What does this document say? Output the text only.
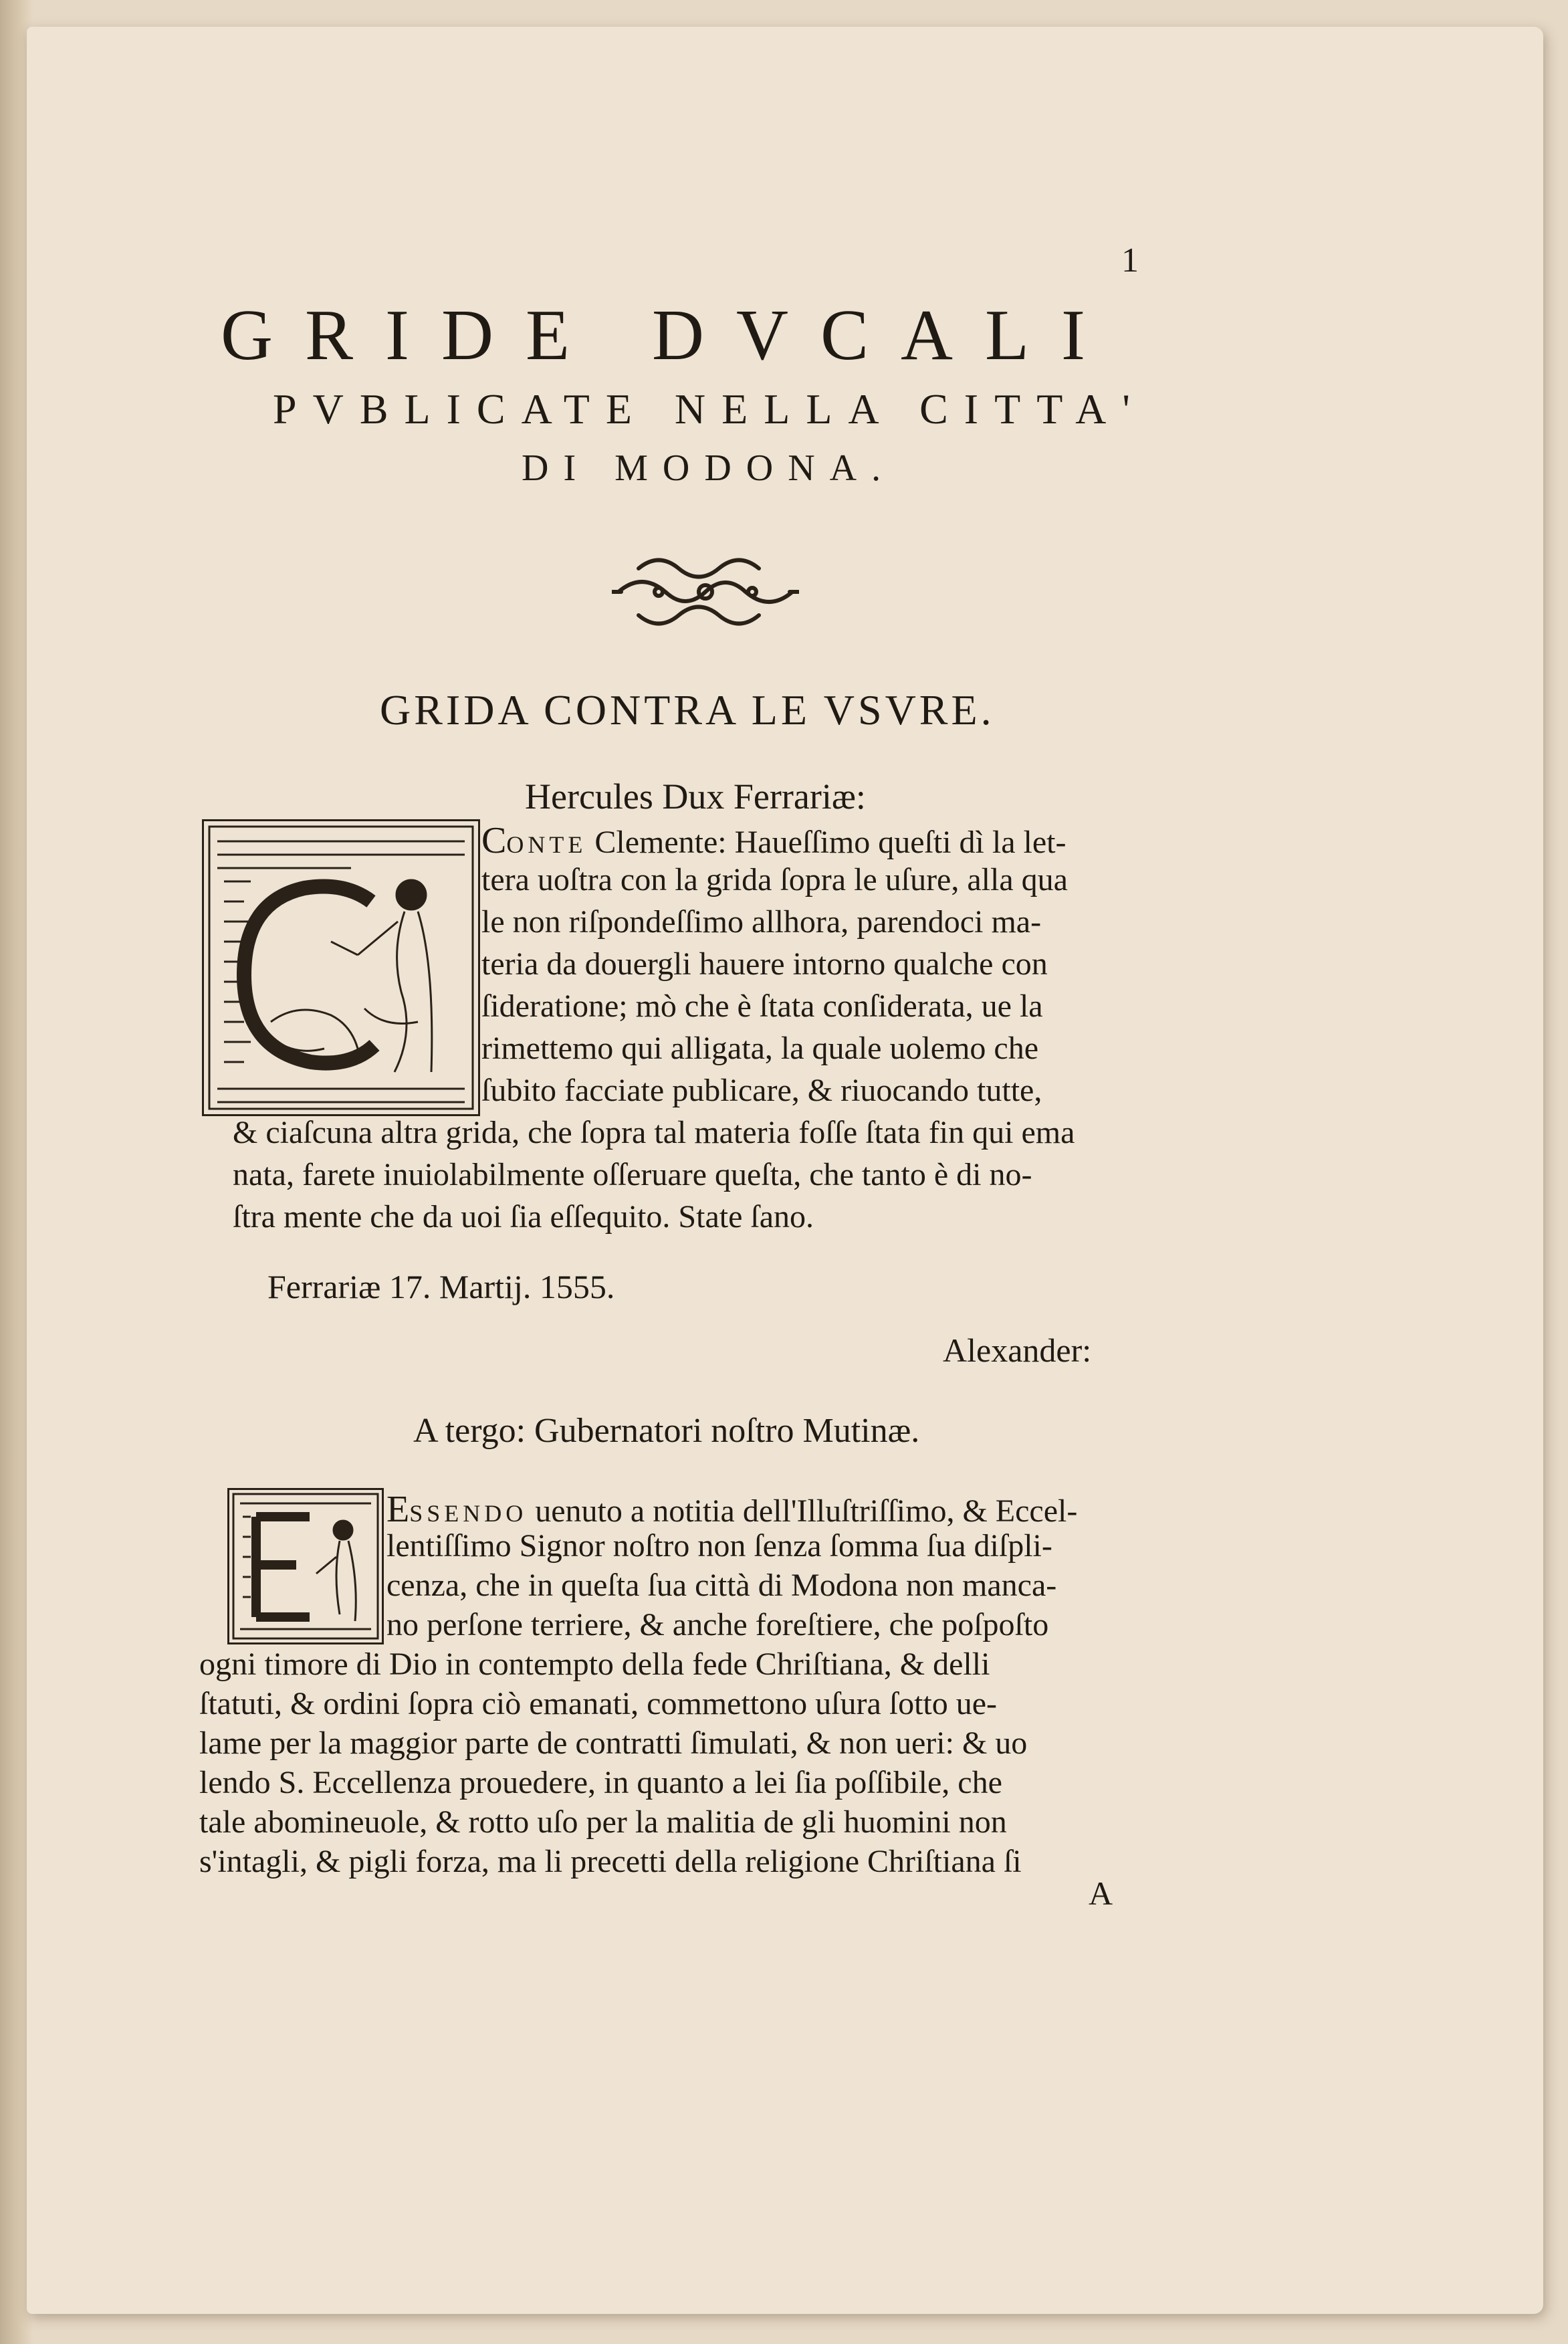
1
GRIDE DVCALI
PVBLICATE NELLA CITTA'
DI MODONA.
GRIDA CONTRA LE VSVRE.
Hercules Dux Ferrariæ:
CONTE Clemente: Haueſſimo queſti dì la let-
tera uoſtra con la grida ſopra le uſure, alla qua
le non riſpondeſſimo allhora, parendoci ma-
teria da douergli hauere intorno qualche con
ſideratione; mò che è ſtata conſiderata, ue la
rimettemo qui alligata, la quale uolemo che
ſubito facciate publicare, & riuocando tutte,
& ciaſcuna altra grida, che ſopra tal materia foſſe ſtata fin qui ema
nata, farete inuiolabilmente oſſeruare queſta, che tanto è di no-
ſtra mente che da uoi ſia eſſequito. State ſano.
Ferrariæ 17. Martij. 1555.
Alexander:
A tergo: Gubernatori noſtro Mutinæ.
ESSENDO uenuto a notitia dell'Illuſtriſſimo, & Eccel-
lentiſſimo Signor noſtro non ſenza ſomma ſua diſpli-
cenza, che in queſta ſua città di Modona non manca-
no perſone terriere, & anche foreſtiere, che poſpoſto
ogni timore di Dio in contempto della fede Chriſtiana, & delli
ſtatuti, & ordini ſopra ciò emanati, commettono uſura ſotto ue-
lame per la maggior parte de contratti ſimulati, & non ueri: & uo
lendo S. Eccellenza prouedere, in quanto a lei ſia poſſibile, che
tale abomineuole, & rotto uſo per la malitia de gli huomini non
s'intagli, & pigli forza, ma li precetti della religione Chriſtiana ſi
A
